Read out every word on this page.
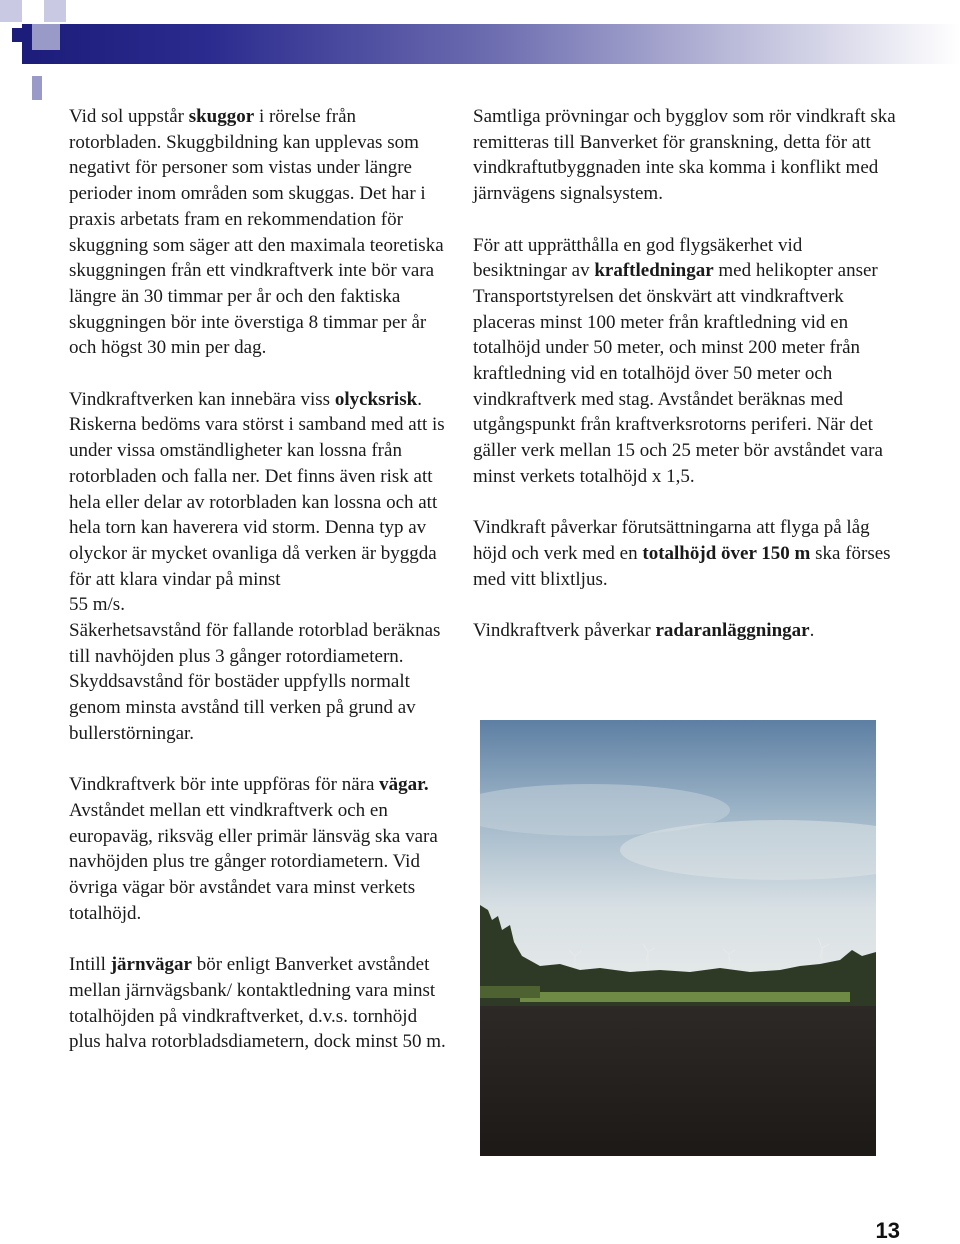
Vid sol uppstår skuggor i rörelse från rotorbladen. Skuggbildning kan upplevas som negativt för personer som vistas under längre perioder inom områden som skuggas. Det har i praxis arbetats fram en rekommendation för skuggning som säger att den maximala teoretiska skuggningen från ett vindkraftverk inte bör vara längre än 30 timmar per år och den faktiska skuggningen bör inte överstiga 8 timmar per år och högst 30 min per dag.

Vindkraftverken kan innebära viss olycksrisk. Riskerna bedöms vara störst i samband med att is under vissa omständligheter kan lossna från rotorbladen och falla ner. Det finns även risk att hela eller delar av rotorbladen kan lossna och att hela torn kan haverera vid storm. Denna typ av olyckor är mycket ovanliga då verken är byggda för att klara vindar på minst
55 m/s.
Säkerhetsavstånd för fallande rotorblad beräknas till navhöjden plus 3 gånger rotordiametern. Skyddsavstånd för bostäder uppfylls normalt genom minsta avstånd till verken på grund av bullerstörningar.

Vindkraftverk bör inte uppföras för nära vägar. Avståndet mellan ett vindkraftverk och en europaväg, riksväg eller primär länsväg ska vara navhöjden plus tre gånger rotordiametern. Vid övriga vägar bör avståndet vara minst verkets totalhöjd.

Intill järnvägar bör enligt Banverket avståndet mellan järnvägsbank/ kontaktledning vara minst totalhöjden på vindkraftverket, d.v.s. tornhöjd plus halva rotorbladsdiametern, dock minst 50 m.

Samtliga prövningar och bygglov som rör vindkraft ska remitteras till Banverket för granskning, detta för att vindkraftutbyggnaden inte ska komma i konflikt med järnvägens signalsystem.

För att upprätthålla en god flygsäkerhet vid besiktningar av kraftledningar med helikopter anser Transportstyrelsen det önskvärt att vindkraftverk placeras minst 100 meter från kraftledning vid en totalhöjd under 50 meter, och minst 200 meter från kraftledning vid en totalhöjd över 50 meter och vindkraftverk med stag. Avståndet beräknas med utgångspunkt från kraftverksrotorns periferi. När det gäller verk mellan 15 och 25 meter bör avståndet vara minst verkets totalhöjd x 1,5.

Vindkraft påverkar förutsättningarna att flyga på låg höjd och verk med en totalhöjd över 150 m ska förses med vitt blixtljus.

Vindkraftverk påverkar radaranläggningar.

13
